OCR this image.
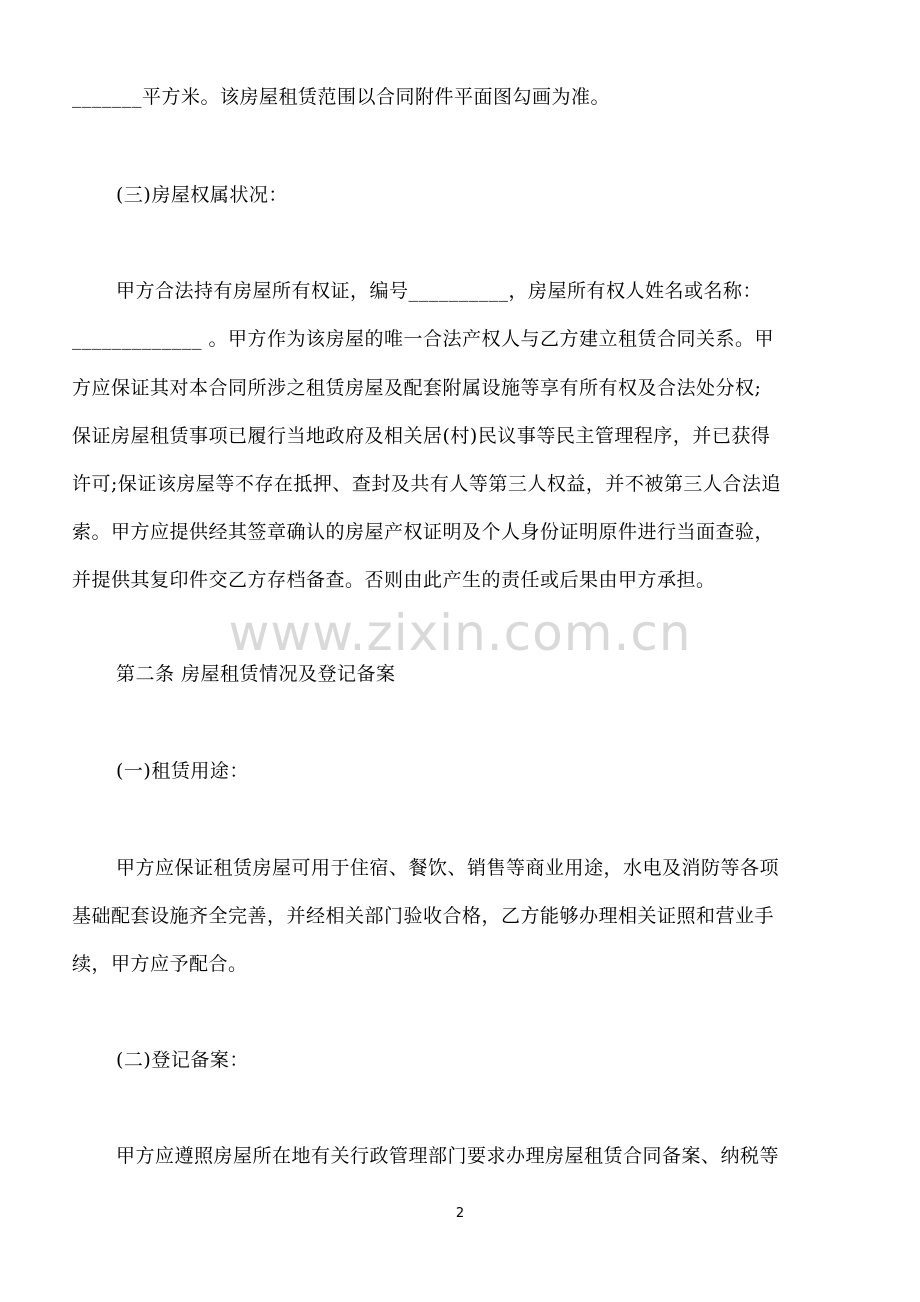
www.zixin.com.cn
_______平方米。该房屋租赁范围以合同附件平面图勾画为准。
(三)房屋权属状况：
甲方合法持有房屋所有权证，编号__________，房屋所有权人姓名或名称：
_____________ 。甲方作为该房屋的唯一合法产权人与乙方建立租赁合同关系。甲
方应保证其对本合同所涉之租赁房屋及配套附属设施等享有所有权及合法处分权;
保证房屋租赁事项已履行当地政府及相关居(村)民议事等民主管理程序，并已获得
许可;保证该房屋等不存在抵押、查封及共有人等第三人权益，并不被第三人合法追
索。甲方应提供经其签章确认的房屋产权证明及个人身份证明原件进行当面查验，
并提供其复印件交乙方存档备查。否则由此产生的责任或后果由甲方承担。
第二条 房屋租赁情况及登记备案
(一)租赁用途：
甲方应保证租赁房屋可用于住宿、餐饮、销售等商业用途，水电及消防等各项
基础配套设施齐全完善，并经相关部门验收合格，乙方能够办理相关证照和营业手
续，甲方应予配合。
(二)登记备案：
甲方应遵照房屋所在地有关行政管理部门要求办理房屋租赁合同备案、纳税等
2
